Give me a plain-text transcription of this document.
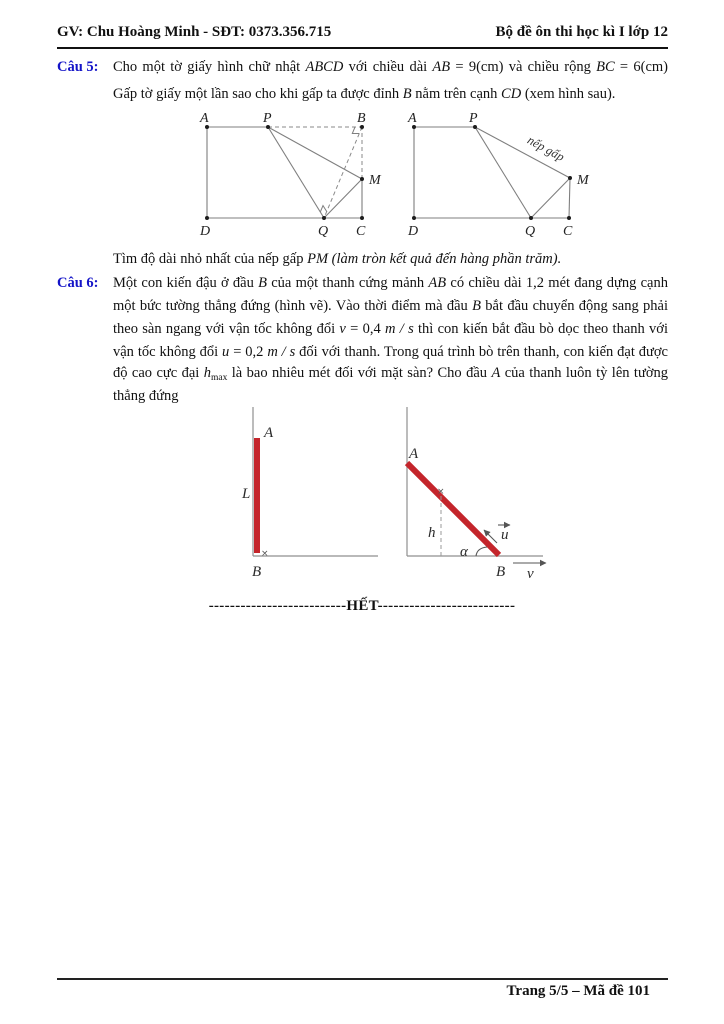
GV: Chu Hoàng Minh - SĐT: 0373.356.715	Bộ đề ôn thi học kì I lớp 12
Câu 5:	Cho một tờ giấy hình chữ nhật ABCD với chiều dài AB = 9(cm) và chiều rộng BC = 6(cm)
Gấp tờ giấy một lần sao cho khi gấp ta được đỉnh B nằm trên cạnh CD (xem hình sau).
A	P	B
M
D	Q C
A	P
M
D	Q C
nếp gấp
Tìm độ dài nhỏ nhất của nếp gấp PM (làm tròn kết quả đến hàng phần trăm).
Câu 6:	Một con kiến đậu ở đầu B của một thanh cứng mảnh AB có chiều dài 1,2 mét đang dựng cạnh
một bức tường thẳng đứng (hình vẽ). Vào thời điểm mà đầu B bắt đầu chuyển động sang phải
theo sàn ngang với vận tốc không đổi v = 0,4 m / s thì con kiến bắt đầu bò dọc theo thanh với
vận tốc không đổi u = 0,2 m / s đối với thanh. Trong quá trình bò trên thanh, con kiến đạt được
độ cao cực đại $h_{max}$ là bao nhiêu mét đối với mặt sàn? Cho đầu A của thanh luôn tỳ lên tường
thẳng đứng
A
L
B
×
A
×
h
α
B
u
v
--------------------------HẾT--------------------------
Trang 5/5 – Mã đề 101
